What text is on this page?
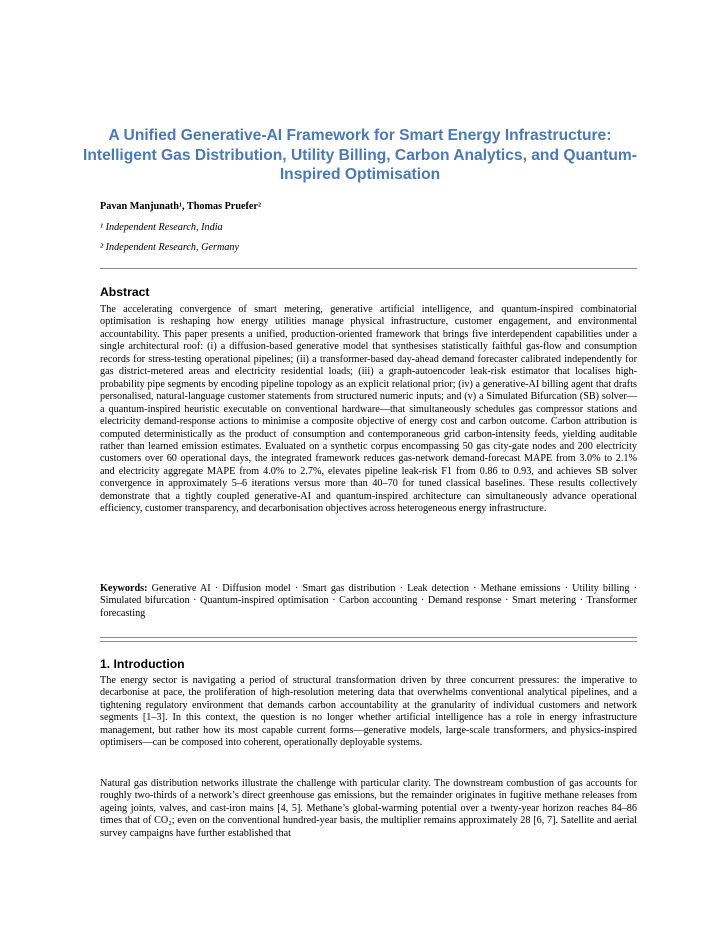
A Unified Generative-AI Framework for Smart Energy Infrastructure: Intelligent Gas Distribution, Utility Billing, Carbon Analytics, and Quantum-Inspired Optimisation
Pavan Manjunath¹, Thomas Pruefer²
¹ Independent Research, India
² Independent Research, Germany
Abstract

The accelerating convergence of smart metering, generative artificial intelligence, and quantum-inspired combinatorial optimisation is reshaping how energy utilities manage physical infrastructure, customer engagement, and environmental accountability. This paper presents a unified, production-oriented framework that brings five interdependent capabilities under a single architectural roof: (i) a diffusion-based generative model that synthesises statistically faithful gas-flow and consumption records for stress-testing operational pipelines; (ii) a transformer-based day-ahead demand forecaster calibrated independently for gas district-metered areas and electricity residential loads; (iii) a graph-autoencoder leak-risk estimator that localises high-probability pipe segments by encoding pipeline topology as an explicit relational prior; (iv) a generative-AI billing agent that drafts personalised, natural-language customer statements from structured numeric inputs; and (v) a Simulated Bifurcation (SB) solver—a quantum-inspired heuristic executable on conventional hardware—that simultaneously schedules gas compressor stations and electricity demand-response actions to minimise a composite objective of energy cost and carbon outcome. Carbon attribution is computed deterministically as the product of consumption and contemporaneous grid carbon-intensity feeds, yielding auditable rather than learned emission estimates. Evaluated on a synthetic corpus encompassing 50 gas city-gate nodes and 200 electricity customers over 60 operational days, the integrated framework reduces gas-network demand-forecast MAPE from 3.0% to 2.1% and electricity aggregate MAPE from 4.0% to 2.7%, elevates pipeline leak-risk F1 from 0.86 to 0.93, and achieves SB solver convergence in approximately 5–6 iterations versus more than 40–70 for tuned classical baselines. These results collectively demonstrate that a tightly coupled generative-AI and quantum-inspired architecture can simultaneously advance operational efficiency, customer transparency, and decarbonisation objectives across heterogeneous energy infrastructure.

Keywords: Generative AI · Diffusion model · Smart gas distribution · Leak detection · Methane emissions · Utility billing · Simulated bifurcation · Quantum-inspired optimisation · Carbon accounting · Demand response · Smart metering · Transformer forecasting

1. Introduction

The energy sector is navigating a period of structural transformation driven by three concurrent pressures: the imperative to decarbonise at pace, the proliferation of high-resolution metering data that overwhelms conventional analytical pipelines, and a tightening regulatory environment that demands carbon accountability at the granularity of individual customers and network segments [1–3]. In this context, the question is no longer whether artificial intelligence has a role in energy infrastructure management, but rather how its most capable current forms—generative models, large-scale transformers, and physics-inspired optimisers—can be composed into coherent, operationally deployable systems.

Natural gas distribution networks illustrate the challenge with particular clarity. The downstream combustion of gas accounts for roughly two-thirds of a network’s direct greenhouse gas emissions, but the remainder originates in fugitive methane releases from ageing joints, valves, and cast-iron mains [4, 5]. Methane’s global-warming potential over a twenty-year horizon reaches 84–86 times that of CO₂; even on the conventional hundred-year basis, the multiplier remains approximately 28 [6, 7]. Satellite and aerial survey campaigns have further established that
